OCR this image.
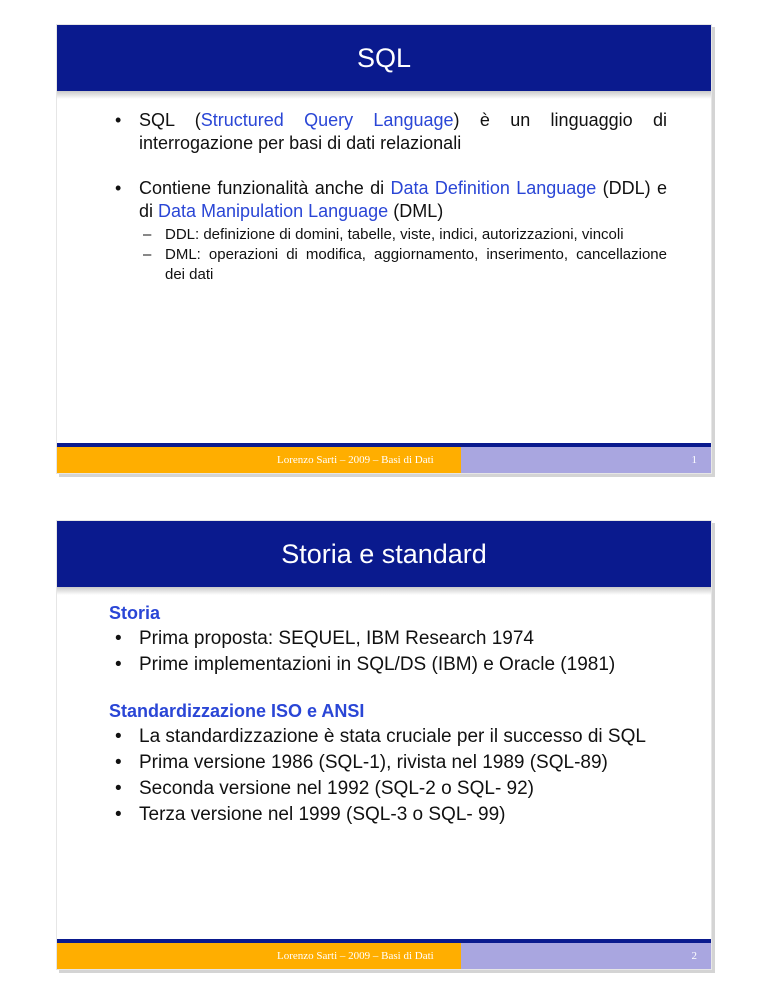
SQL
• SQL (Structured Query Language) è un linguaggio di interrogazione per basi di dati relazionali
• Contiene funzionalità anche di Data Definition Language (DDL) e di Data Manipulation Language (DML)
– DDL: definizione di domini, tabelle, viste, indici, autorizzazioni, vincoli
– DML: operazioni di modifica, aggiornamento, inserimento, cancellazione dei dati
Lorenzo Sarti – 2009 – Basi di Dati	1
Storia e standard
Storia
• Prima proposta: SEQUEL, IBM Research 1974
• Prime implementazioni in SQL/DS (IBM) e Oracle (1981)
Standardizzazione ISO e ANSI
• La standardizzazione è stata cruciale per il successo di SQL
• Prima versione 1986 (SQL-1), rivista nel 1989 (SQL-89)
• Seconda versione nel 1992 (SQL-2 o SQL- 92)
• Terza versione nel 1999 (SQL-3 o SQL- 99)
Lorenzo Sarti – 2009 – Basi di Dati	2
